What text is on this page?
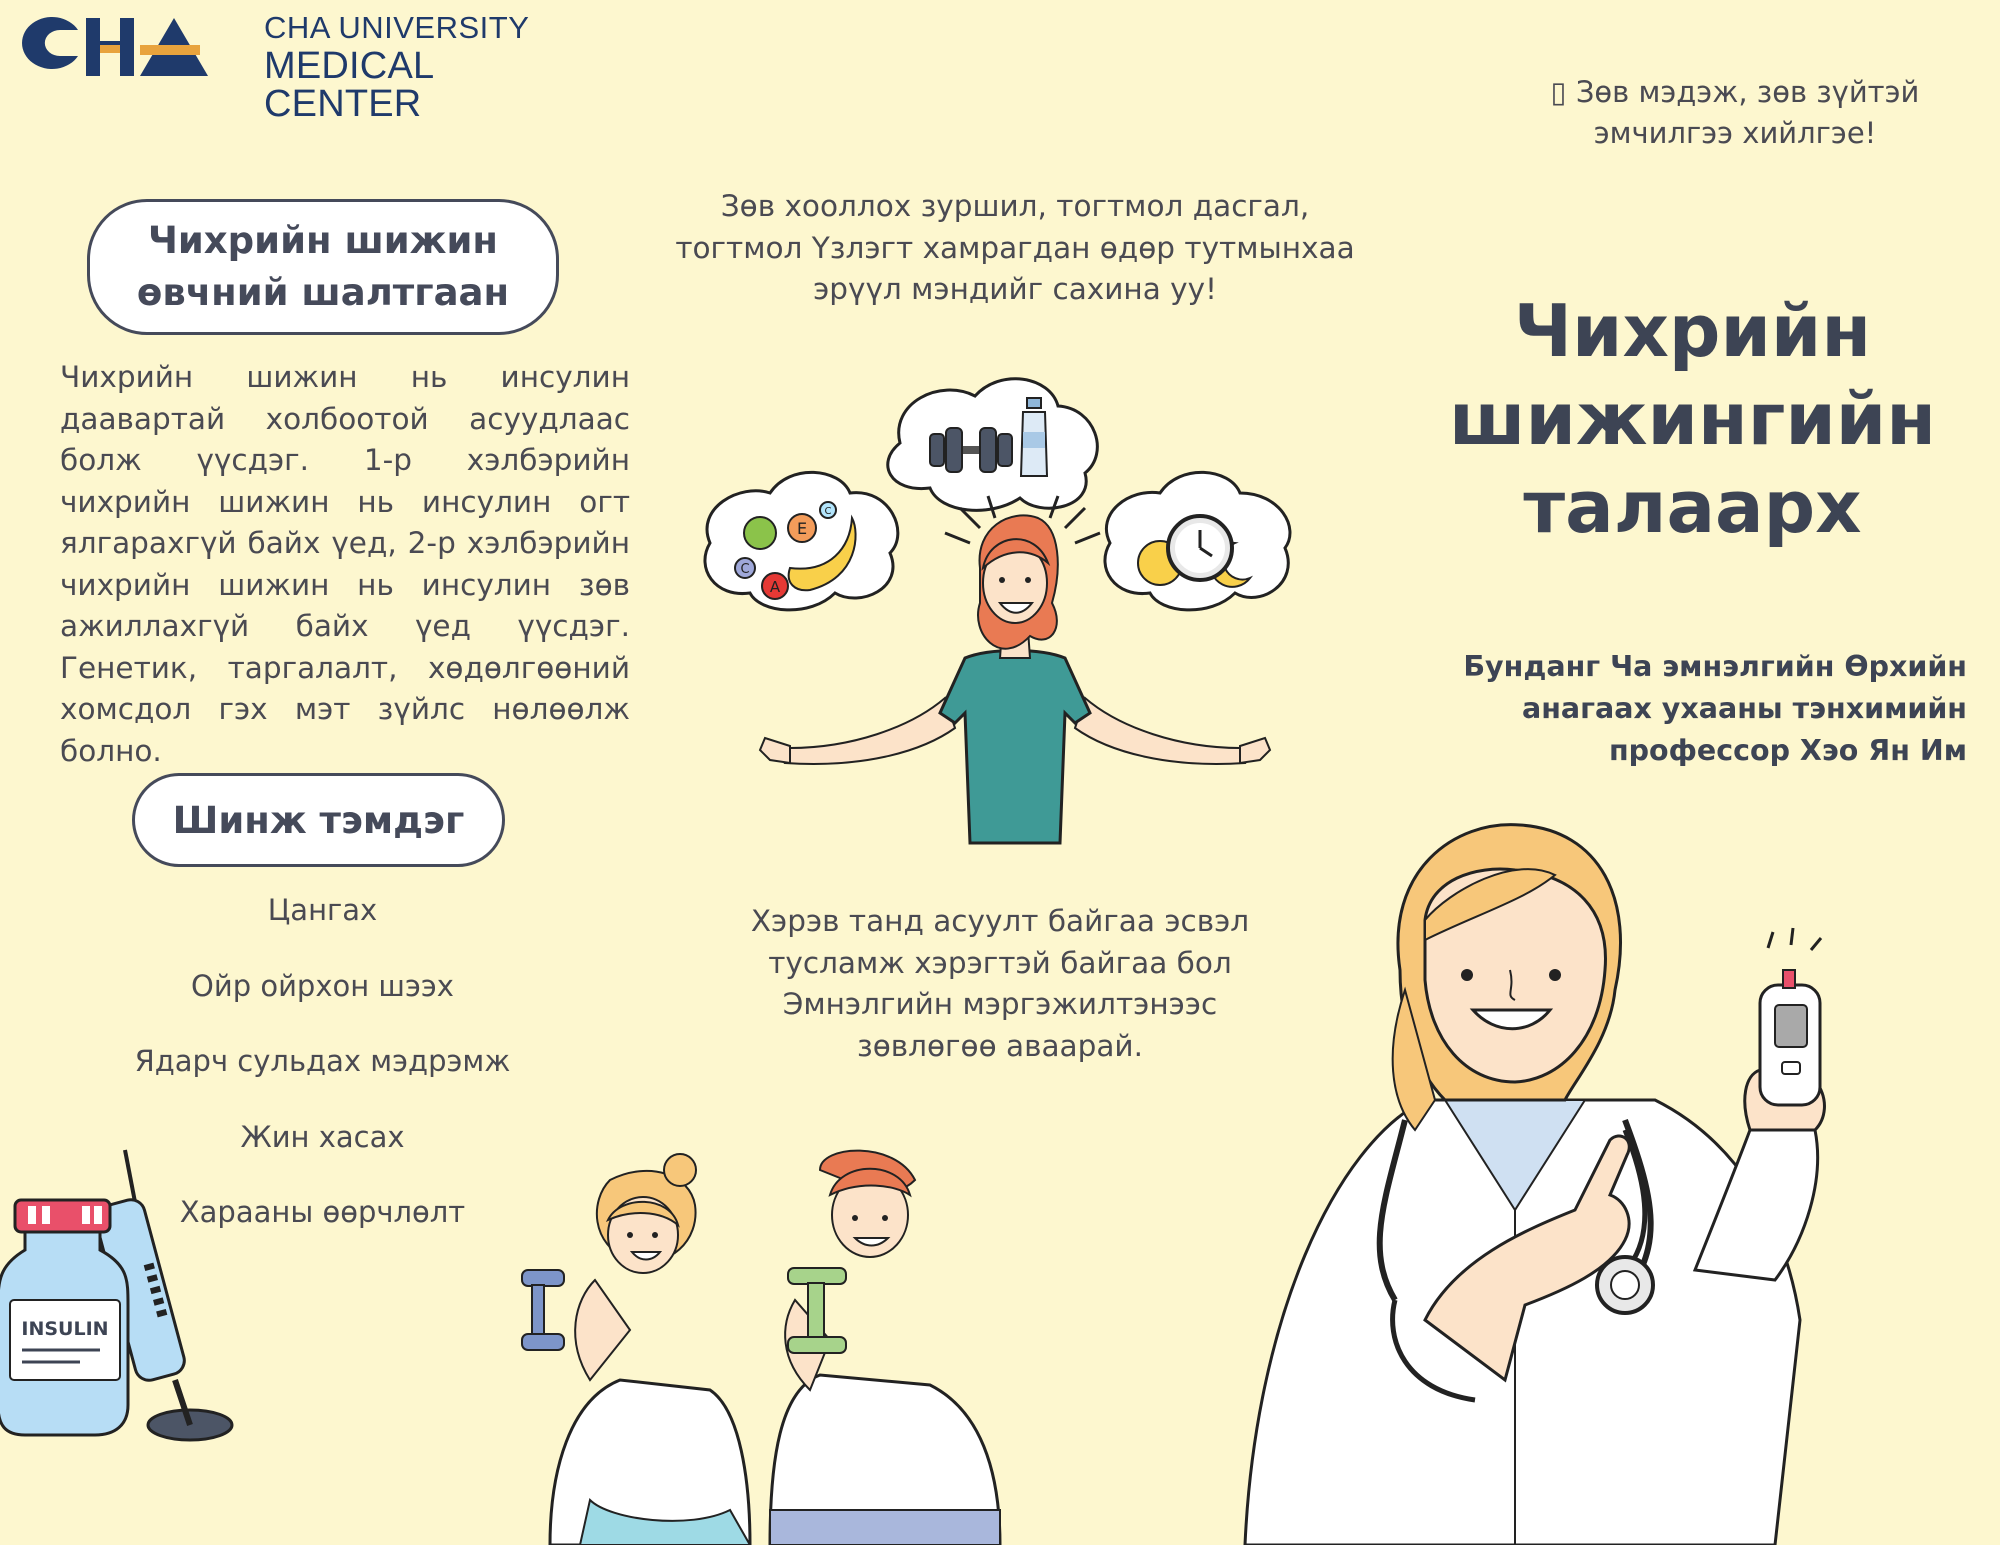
CHA UNIVERSITY
MEDICAL CENTER	▯ Зөв мэдэж, зөв зүйтэй эмчилгээ хийлгэе!
Чихрийн шижин өвчний шалтгаан
Чихрийн шижин нь инсулин даавартай холбоотой асуудлаас болж үүсдэг. 1-р хэлбэрийн чихрийн шижин нь инсулин огт ялгарахгүй байх үед, 2-р хэлбэрийн чихрийн шижин нь инсулин зөв ажиллахгүй байх үед үүсдэг. Генетик, таргалалт, хөдөлгөөний хомсдол гэх мэт зүйлс нөлөөлж болно.
Шинж тэмдэг
Цангах
Ойр ойрхон шээх
Ядарч сульдах мэдрэмж
Жин хасах
Харааны өөрчлөлт
Зөв хооллох зуршил, тогтмол дасгал, тогтмол Үзлэгт хамрагдан өдөр тутмынхаа эрүүл мэндийг сахина уу!
Хэрэв танд асуулт байгаа эсвэл тусламж хэрэгтэй байгаа бол Эмнэлгийн мэргэжилтэнээс зөвлөгөө аваарай.
Чихрийн шижингийн талаарх
Бунданг Ча эмнэлгийн Өрхийн анагаах ухааны тэнхимийн профессор Хэо Ян Им
E
C
A
C
INSULIN
